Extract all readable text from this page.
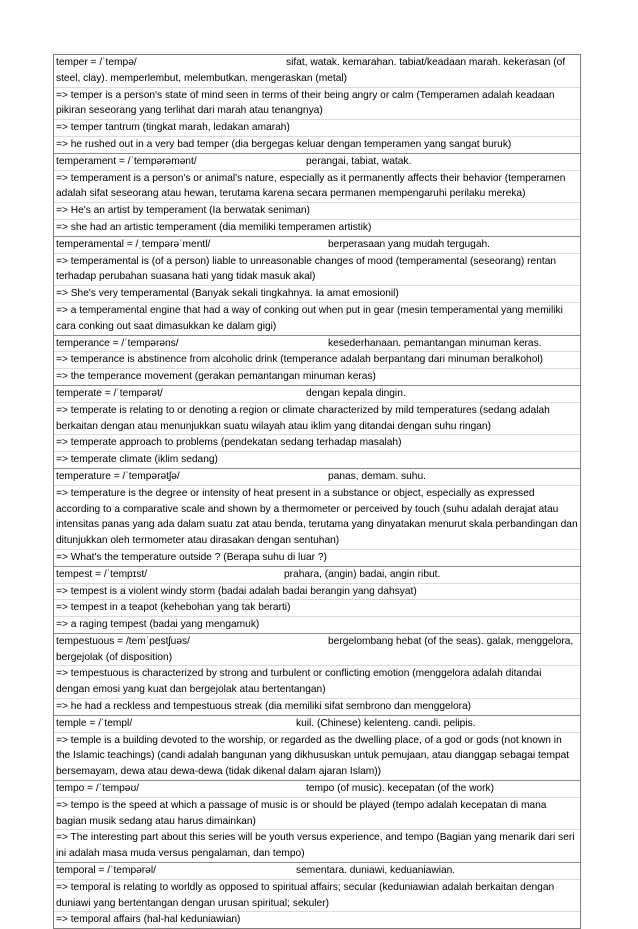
temper = /ˈtempə/	sifat, watak. kemarahan. tabiat/keadaan marah. kekerasan (of steel, clay). memperlembut, melembutkan. mengeraskan (metal)
=> temper is a person's state of mind seen in terms of their being angry or calm (Temperamen adalah keadaan pikiran seseorang yang terlihat dari marah atau tenangnya)
=> temper tantrum (tingkat marah, ledakan amarah)
=> he rushed out in a very bad temper (dia bergegas keluar dengan temperamen yang sangat buruk)
temperament = /ˈtempərəmənt/	perangai, tabiat, watak.
=> temperament is a person's or animal's nature, especially as it permanently affects their behavior (temperamen adalah sifat seseorang atau hewan, terutama karena secara permanen mempengaruhi perilaku mereka)
=> He's an artist by temperament (Ia berwatak seniman)
=> she had an artistic temperament (dia memiliki temperamen artistik)
temperamental = /ˌtempərəˈmentl/	berperasaan yang mudah tergugah.
=> temperamental is (of a person) liable to unreasonable changes of mood (temperamental (seseorang) rentan terhadap perubahan suasana hati yang tidak masuk akal)
=> She's very temperamental (Banyak sekali tingkahnya. Ia amat emosionil)
=> a temperamental engine that had a way of conking out when put in gear (mesin temperamental yang memiliki cara conking out saat dimasukkan ke dalam gigi)
temperance = /ˈtempərəns/	kesederhanaan. pemantangan minuman keras.
=> temperance is abstinence from alcoholic drink (temperance adalah berpantang dari minuman beralkohol)
=> the temperance movement (gerakan pemantangan minuman keras)
temperate = /ˈtempərət/	dengan kepala dingin.
=> temperate is relating to or denoting a region or climate characterized by mild temperatures (sedang adalah berkaitan dengan atau menunjukkan suatu wilayah atau iklim yang ditandai dengan suhu ringan)
=> temperate approach to problems (pendekatan sedang terhadap masalah)
=> temperate climate (iklim sedang)
temperature = /ˈtempərətʃə/	panas, demam. suhu.
=> temperature is the degree or intensity of heat present in a substance or object, especially as expressed according to a comparative scale and shown by a thermometer or perceived by touch (suhu adalah derajat atau intensitas panas yang ada dalam suatu zat atau benda, terutama yang dinyatakan menurut skala perbandingan dan ditunjukkan oleh termometer atau dirasakan dengan sentuhan)
=> What's the temperature outside ? (Berapa suhu di luar ?)
tempest = /ˈtempɪst/	prahara, (angin) badai, angin ribut.
=> tempest is a violent windy storm (badai adalah badai berangin yang dahsyat)
=> tempest in a teapot (kehebohan yang tak berarti)
=> a raging tempest (badai yang mengamuk)
tempestuous = /temˈpestʃuəs/	bergelombang hebat (of the seas). galak, menggelora, bergejolak (of disposition)
=> tempestuous is characterized by strong and turbulent or conflicting emotion (menggelora adalah ditandai dengan emosi yang kuat dan bergejolak atau bertentangan)
=> he had a reckless and tempestuous streak (dia memiliki sifat sembrono dan menggelora)
temple = /ˈtempl/	kuil. (Chinese) kelenteng. candi. pelipis.
=> temple is a building devoted to the worship, or regarded as the dwelling place, of a god or gods (not known in the Islamic teachings) (candi adalah bangunan yang dikhususkan untuk pemujaan, atau dianggap sebagai tempat bersemayam, dewa atau dewa-dewa (tidak dikenal dalam ajaran Islam))
tempo = /ˈtempəʊ/	tempo (of music). kecepatan (of the work)
=> tempo is the speed at which a passage of music is or should be played (tempo adalah kecepatan di mana bagian musik sedang atau harus dimainkan)
=> The interesting part about this series will be youth versus experience, and tempo (Bagian yang menarik dari seri ini adalah masa muda versus pengalaman, dan tempo)
temporal = /ˈtempərəl/	sementara. duniawi, keduaniawian.
=> temporal is relating to worldly as opposed to spiritual affairs; secular (keduniawian adalah berkaitan dengan duniawi yang bertentangan dengan urusan spiritual; sekuler)
=> temporal affairs (hal-hal keduniawian)
